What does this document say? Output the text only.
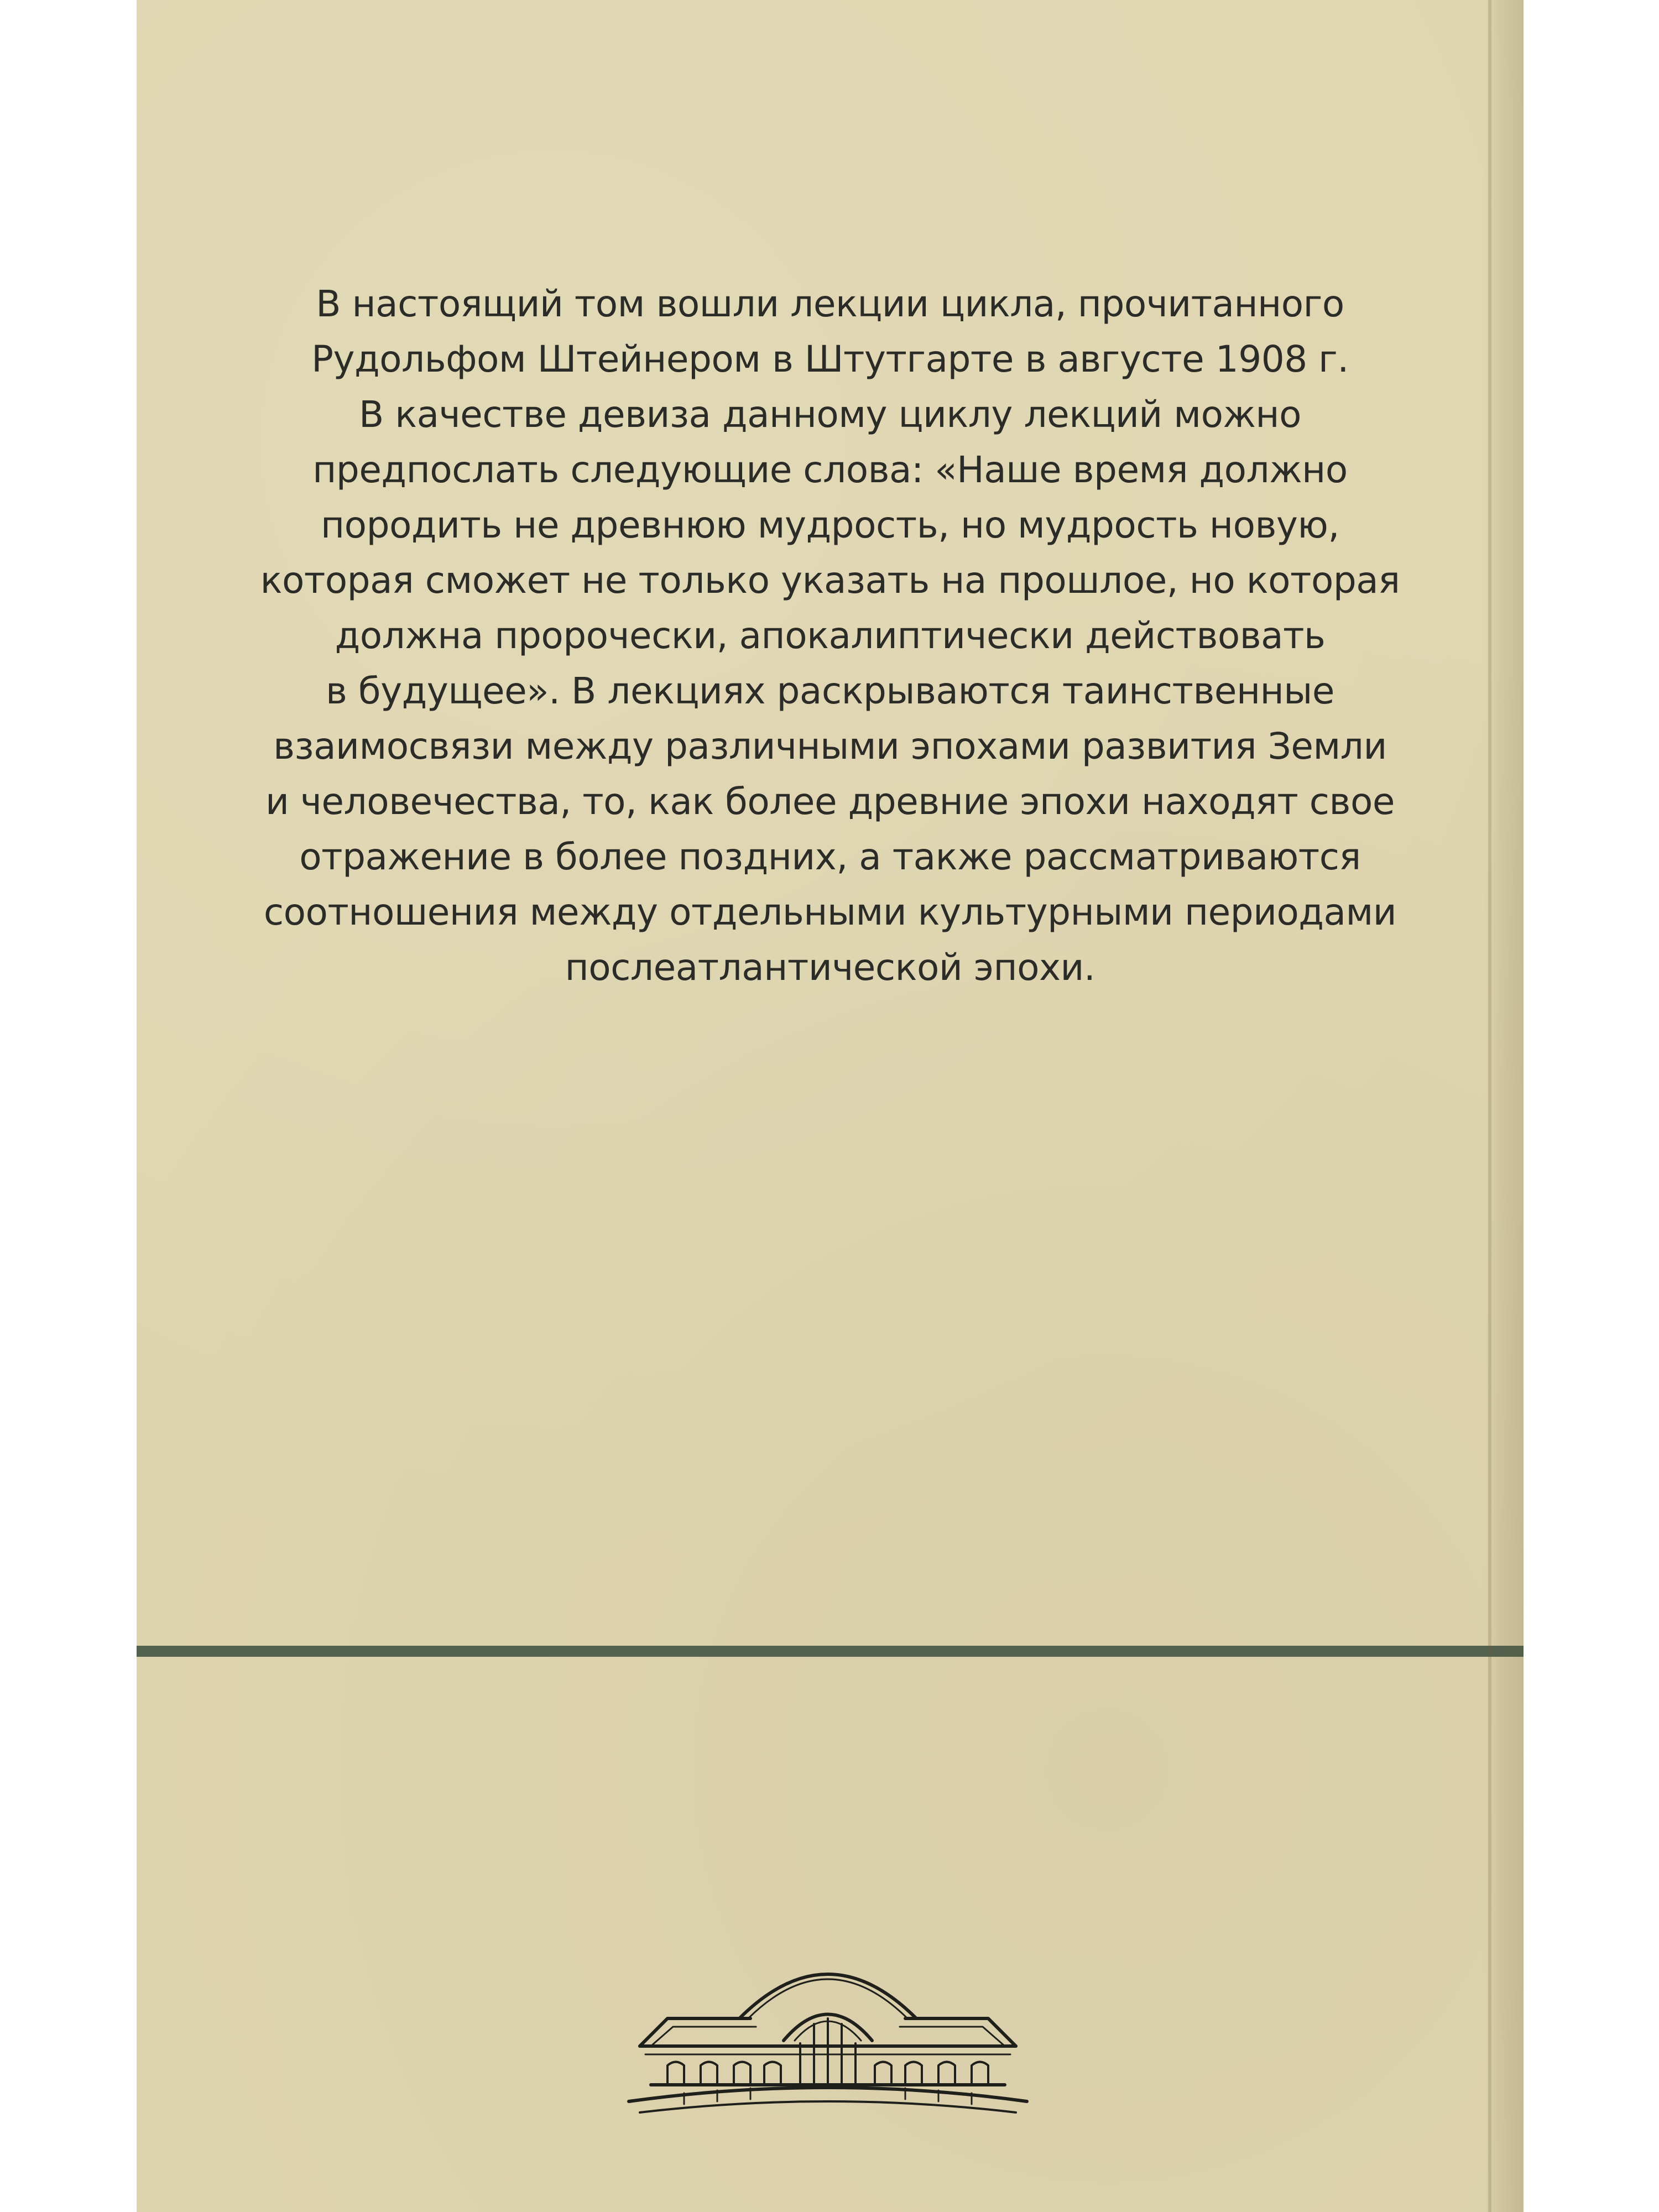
В настоящий том вошли лекции цикла, прочитанного
Рудольфом Штейнером в Штутгарте в августе 1908 г.
В качестве девиза данному циклу лекций можно
предпослать следующие слова: «Наше время должно
породить не древнюю мудрость, но мудрость новую,
которая сможет не только указать на прошлое, но которая
должна пророчески, апокалиптически действовать
в будущее». В лекциях раскрываются таинственные
взаимосвязи между различными эпохами развития Земли
и человечества, то, как более древние эпохи находят свое
отражение в более поздних, а также рассматриваются
соотношения между отдельными культурными периодами
послеатлантической эпохи.
